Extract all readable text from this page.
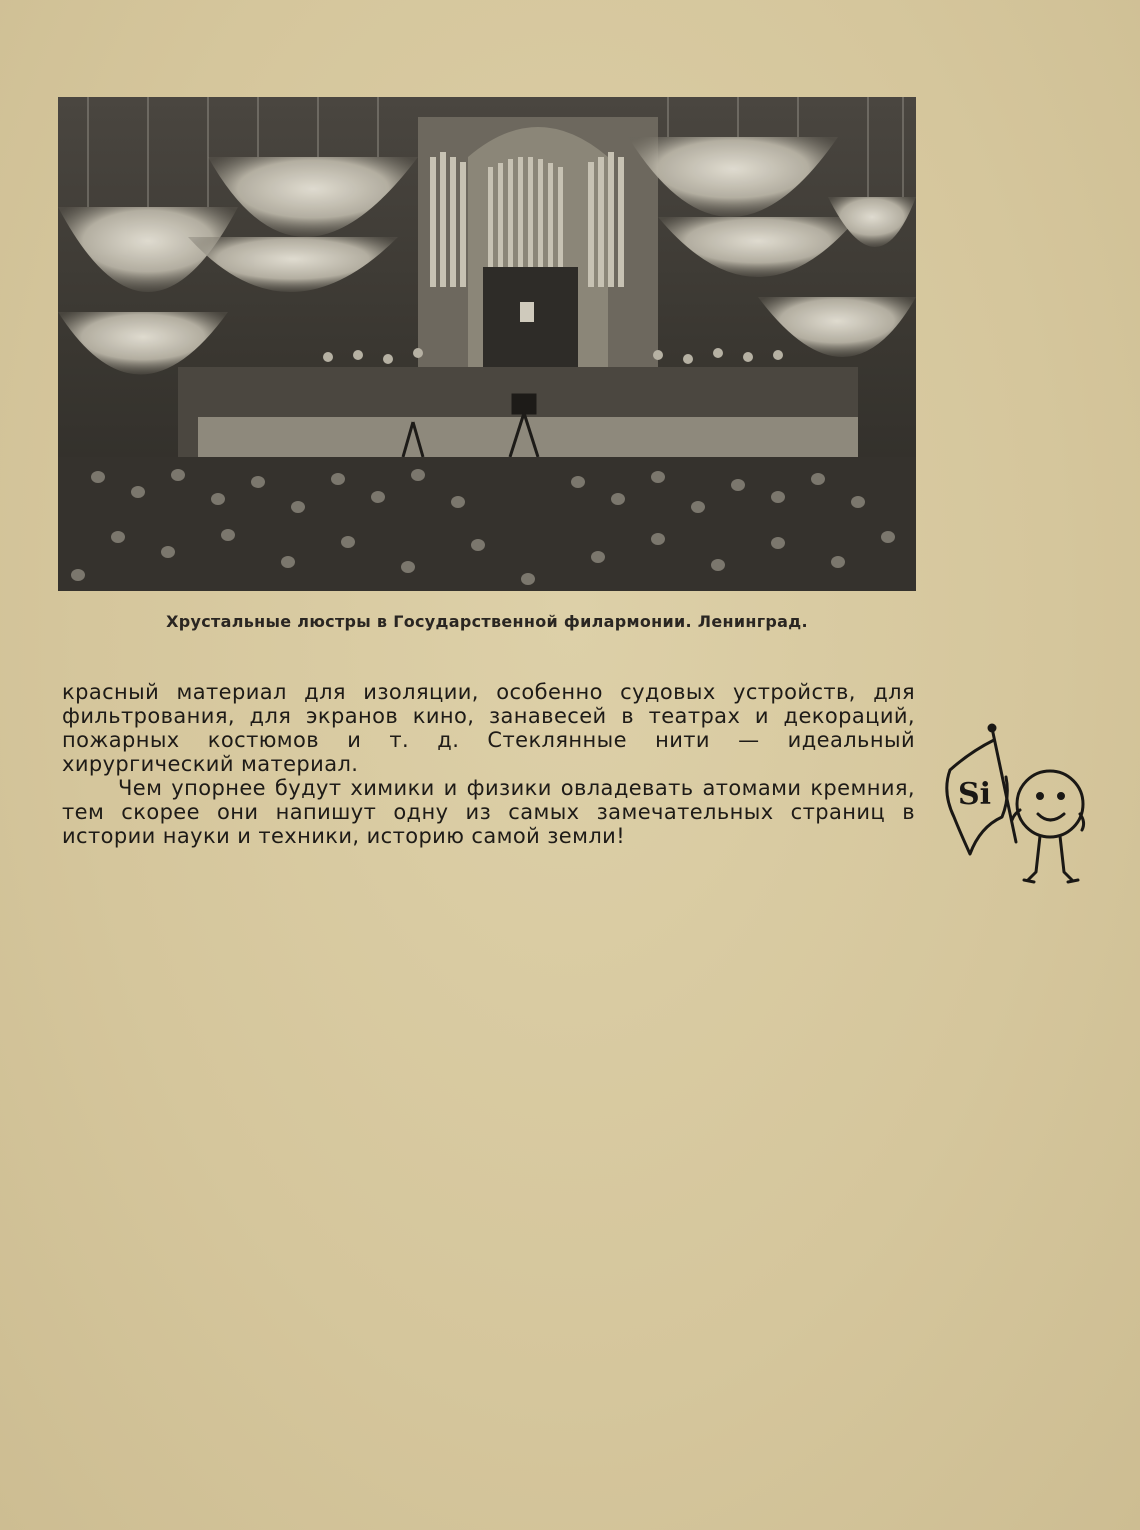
Хрустальные люстры в Государственной филармонии. Ленинград.

красный материал для изоляции, особенно судовых устройств, для фильтрования, для экранов кино, занавесей в театрах и декораций, пожарных костюмов и т. д. Стеклянные нити — идеальный хирургический материал.

Чем упорнее будут химики и физики овладевать атомами кремния, тем скорее они напишут одну из самых замечательных страниц в истории науки и техники, историю самой земли!

Si
